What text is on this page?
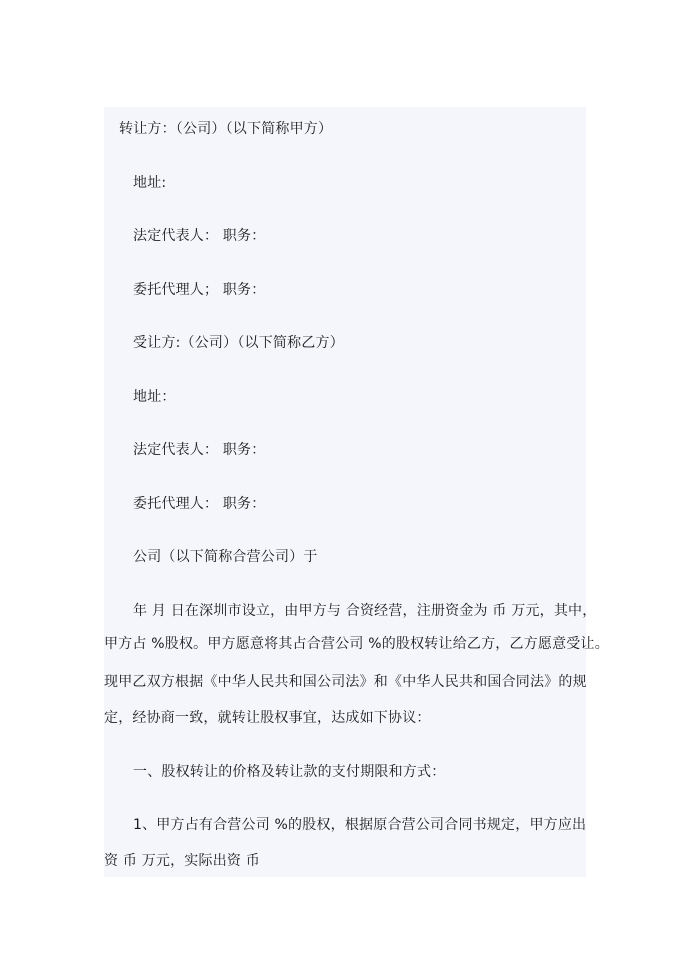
转让方：（公司）（以下简称甲方）
地址:
法定代表人： 职务：
委托代理人； 职务：
受让方:（公司）（以下简称乙方）
地址：
法定代表人： 职务：
委托代理人： 职务：
公司（以下简称合营公司）于
年 月 日在深圳市设立，由甲方与 合资经营，注册资金为 币 万元，其中，
甲方占 %股权。甲方愿意将其占合营公司 %的股权转让给乙方，乙方愿意受让。
现甲乙双方根据《中华人民共和国公司法》和《中华人民共和国合同法》的规
定，经协商一致，就转让股权事宜，达成如下协议：
一、股权转让的价格及转让款的支付期限和方式：
1、甲方占有合营公司 %的股权，根据原合营公司合同书规定，甲方应出
资 币 万元，实际出资 币
